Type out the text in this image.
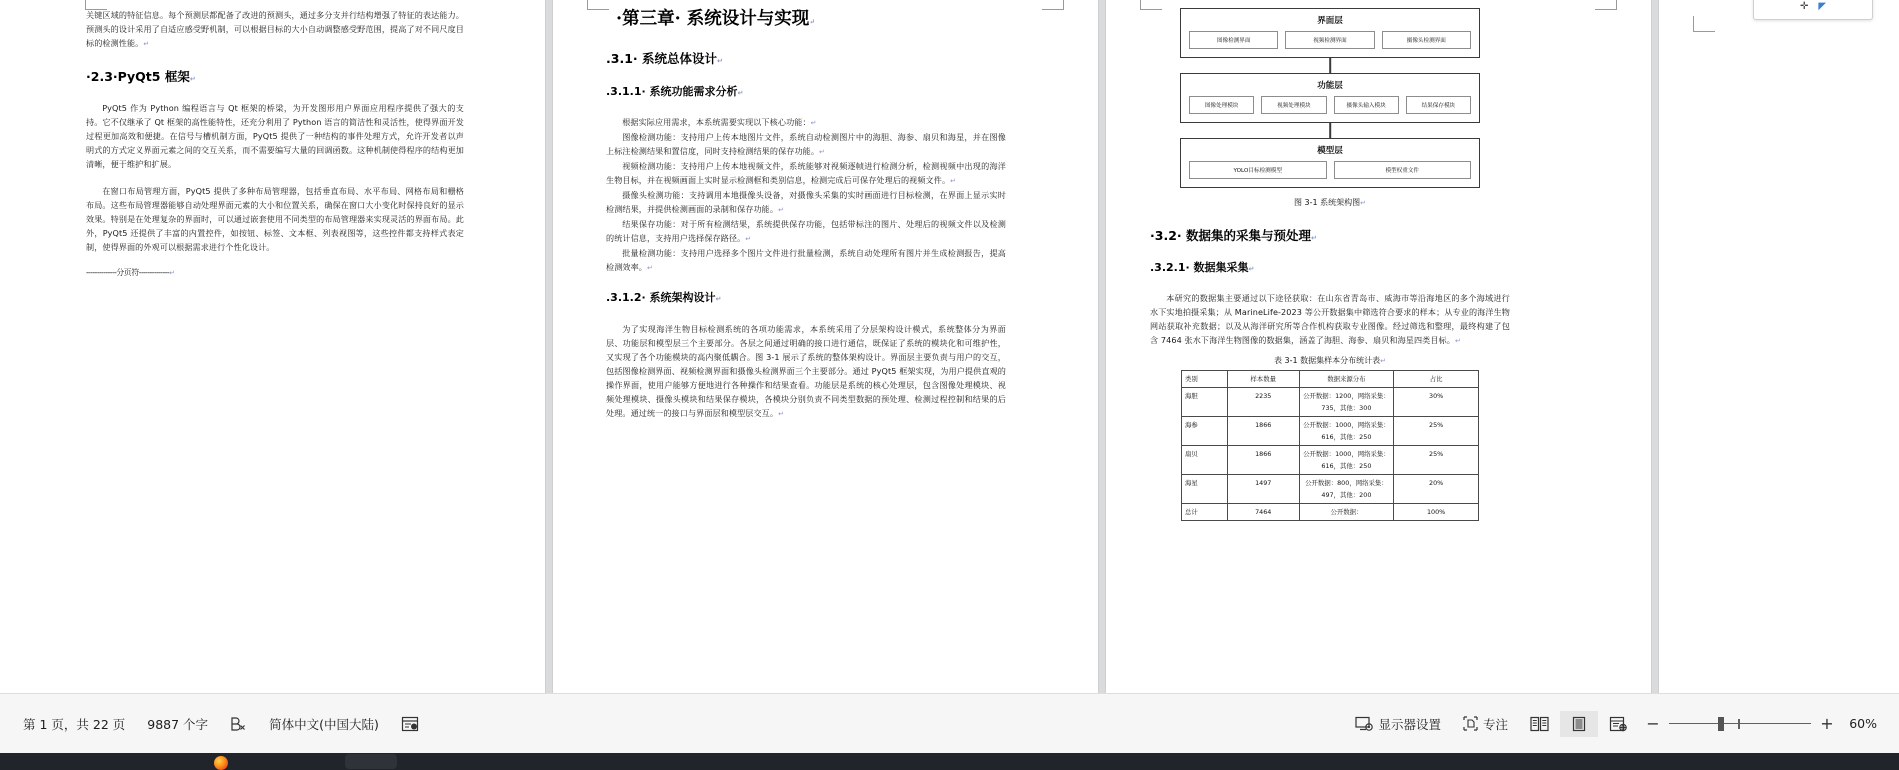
关键区域的特征信息。每个预测层都配备了改进的预测头，通过多分支并行结构增强了特征的表达能力。预测头的设计采用了自适应感受野机制，可以根据目标的大小自动调整感受野范围，提高了对不同尺度目标的检测性能。↵
·2.3·PyQt5 框架↵
PyQt5 作为 Python 编程语言与 Qt 框架的桥梁，为开发图形用户界面应用程序提供了强大的支持。它不仅继承了 Qt 框架的高性能特性，还充分利用了 Python 语言的简洁性和灵活性，使得界面开发过程更加高效和便捷。在信号与槽机制方面，PyQt5 提供了一种结构的事件处理方式，允许开发者以声明式的方式定义界面元素之间的交互关系，而不需要编写大量的回调函数。这种机制使得程序的结构更加清晰，便于维护和扩展。
在窗口布局管理方面，PyQt5 提供了多种布局管理器，包括垂直布局、水平布局、网格布局和栅格布局。这些布局管理器能够自动处理界面元素的大小和位置关系，确保在窗口大小变化时保持良好的显示效果。特别是在处理复杂的界面时，可以通过嵌套使用不同类型的布局管理器来实现灵活的界面布局。此外，PyQt5 还提供了丰富的内置控件，如按钮、标签、文本框、列表视图等，这些控件都支持样式表定制，使得界面的外观可以根据需求进行个性化设计。
--------------分页符--------------↵
·第三章· 系统设计与实现↵
.3.1· 系统总体设计↵
.3.1.1· 系统功能需求分析↵
根据实际应用需求，本系统需要实现以下核心功能：↵
图像检测功能：支持用户上传本地图片文件，系统自动检测图片中的海胆、海参、扇贝和海星，并在图像上标注检测结果和置信度，同时支持检测结果的保存功能。↵
视频检测功能：支持用户上传本地视频文件，系统能够对视频逐帧进行检测分析，检测视频中出现的海洋生物目标，并在视频画面上实时显示检测框和类别信息，检测完成后可保存处理后的视频文件。↵
摄像头检测功能：支持调用本地摄像头设备，对摄像头采集的实时画面进行目标检测，在界面上显示实时检测结果，并提供检测画面的录制和保存功能。↵
结果保存功能：对于所有检测结果，系统提供保存功能，包括带标注的图片、处理后的视频文件以及检测的统计信息，支持用户选择保存路径。↵
批量检测功能：支持用户选择多个图片文件进行批量检测，系统自动处理所有图片并生成检测报告，提高检测效率。↵
.3.1.2· 系统架构设计↵
为了实现海洋生物目标检测系统的各项功能需求，本系统采用了分层架构设计模式，系统整体分为界面层、功能层和模型层三个主要部分。各层之间通过明确的接口进行通信，既保证了系统的模块化和可维护性，又实现了各个功能模块的高内聚低耦合。图 3-1 展示了系统的整体架构设计。界面层主要负责与用户的交互，包括图像检测界面、视频检测界面和摄像头检测界面三个主要部分。通过 PyQt5 框架实现，为用户提供直观的操作界面，使用户能够方便地进行各种操作和结果查看。功能层是系统的核心处理层，包含图像处理模块、视频处理模块、摄像头模块和结果保存模块，各模块分别负责不同类型数据的预处理、检测过程控制和结果的后处理。通过统一的接口与界面层和模型层交互。↵
界面层
图像检测界面	视频检测界面	摄像头检测界面
功能层
图像处理模块	视频处理模块	摄像头输入模块	结果保存模块
模型层
YOLO目标检测模型	模型权重文件
图 3-1 系统架构图↵
·3.2· 数据集的采集与预处理↵
.3.2.1· 数据集采集↵
本研究的数据集主要通过以下途径获取：在山东省青岛市、威海市等沿海地区的多个海域进行水下实地拍摄采集；从 MarineLife-2023 等公开数据集中筛选符合要求的样本；从专业的海洋生物网站获取补充数据；以及从海洋研究所等合作机构获取专业图像。经过筛选和整理，最终构建了包含 7464 张水下海洋生物图像的数据集，涵盖了海胆、海参、扇贝和海星四类目标。↵
表 3-1 数据集样本分布统计表↵
类别	样本数量	数据来源分布	占比
海胆	2235	公开数据：1200，网络采集：735，其他：300	30%
海参	1866	公开数据：1000，网络采集：616，其他：250	25%
扇贝	1866	公开数据：1000，网络采集：616，其他：250	25%
海星	1497	公开数据：800，网络采集：497，其他：200	20%
总计	7464	公开数据：	100%
✛ ◤
第 1 页，共 22 页 9887 个字	简体中文(中国大陆)	显示器设置	专注	−	+	60%
